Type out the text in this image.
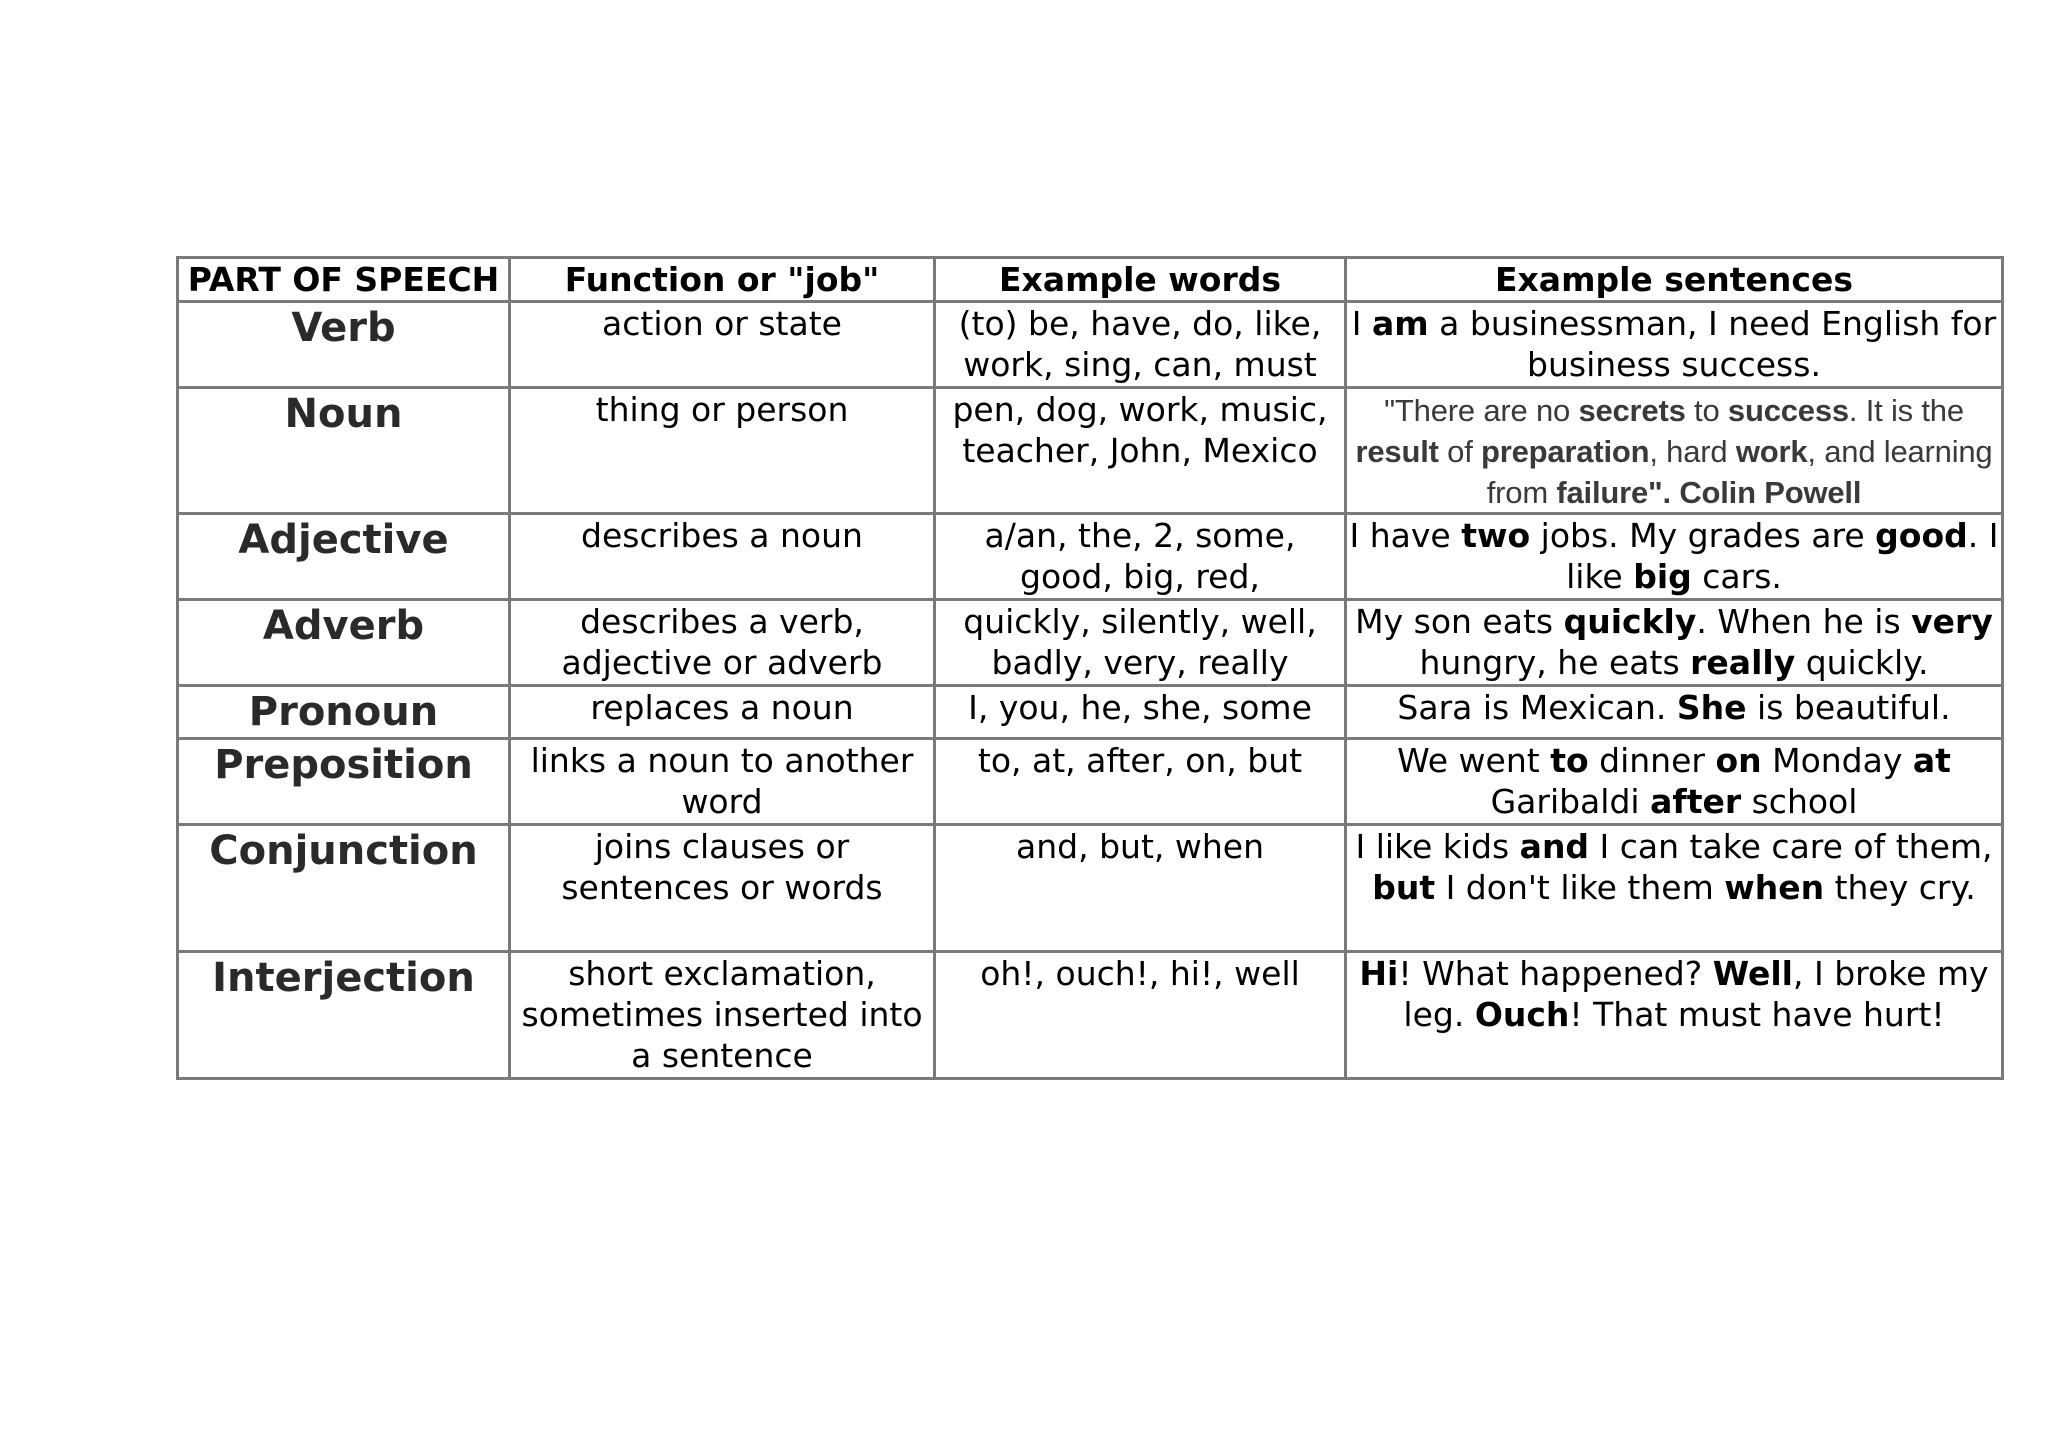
PART OF SPEECH	Function or "job"	Example words	Example sentences
Verb	action or state	(to) be, have, do, like, work, sing, can, must	I am a businessman, I need English for business success.
Noun	thing or person	pen, dog, work, music, teacher, John, Mexico	"There are no secrets to success. It is the result of preparation, hard work, and learning from failure". Colin Powell
Adjective	describes a noun	a/an, the, 2, some, good, big, red,	I have two jobs. My grades are good. I like big cars.
Adverb	describes a verb, adjective or adverb	quickly, silently, well, badly, very, really	My son eats quickly. When he is very hungry, he eats really quickly.
Pronoun	replaces a noun	I, you, he, she, some	Sara is Mexican. She is beautiful.
Preposition	links a noun to another word	to, at, after, on, but	We went to dinner on Monday at Garibaldi after school
Conjunction	joins clauses or sentences or words	and, but, when	I like kids and I can take care of them, but I don't like them when they cry.
Interjection	short exclamation, sometimes inserted into a sentence	oh!, ouch!, hi!, well	Hi! What happened? Well, I broke my leg. Ouch! That must have hurt!
